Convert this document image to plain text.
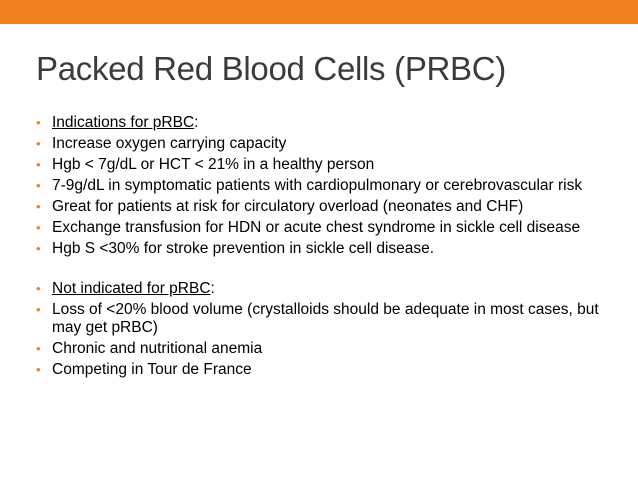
Packed Red Blood Cells (PRBC)
• Indications for pRBC:
• Increase oxygen carrying capacity
• Hgb < 7g/dL or HCT < 21% in a healthy person
• 7-9g/dL in symptomatic patients with cardiopulmonary or cerebrovascular risk
• Great for patients at risk for circulatory overload (neonates and CHF)
• Exchange transfusion for HDN or acute chest syndrome in sickle cell disease
• Hgb S <30% for stroke prevention in sickle cell disease.
• Not indicated for pRBC:
• Loss of <20% blood volume (crystalloids should be adequate in most cases, but may get pRBC)
• Chronic and nutritional anemia
• Competing in Tour de France
